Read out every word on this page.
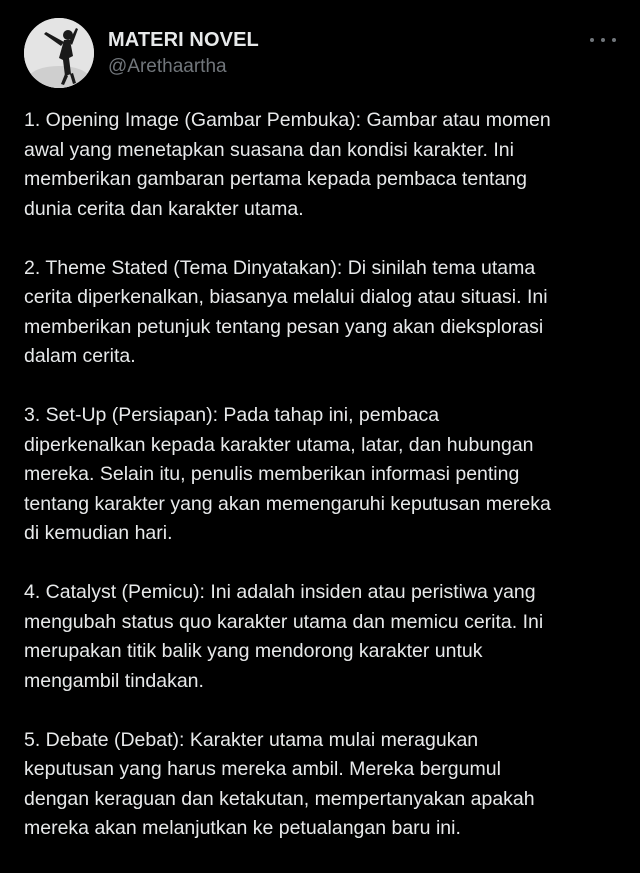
MATERI NOVEL
@Arethaartha

1. Opening Image (Gambar Pembuka): Gambar atau momen
awal yang menetapkan suasana dan kondisi karakter. Ini
memberikan gambaran pertama kepada pembaca tentang
dunia cerita dan karakter utama.

2. Theme Stated (Tema Dinyatakan): Di sinilah tema utama
cerita diperkenalkan, biasanya melalui dialog atau situasi. Ini
memberikan petunjuk tentang pesan yang akan dieksplorasi
dalam cerita.

3. Set-Up (Persiapan): Pada tahap ini, pembaca
diperkenalkan kepada karakter utama, latar, dan hubungan
mereka. Selain itu, penulis memberikan informasi penting
tentang karakter yang akan memengaruhi keputusan mereka
di kemudian hari.

4. Catalyst (Pemicu): Ini adalah insiden atau peristiwa yang
mengubah status quo karakter utama dan memicu cerita. Ini
merupakan titik balik yang mendorong karakter untuk
mengambil tindakan.

5. Debate (Debat): Karakter utama mulai meragukan
keputusan yang harus mereka ambil. Mereka bergumul
dengan keraguan dan ketakutan, mempertanyakan apakah
mereka akan melanjutkan ke petualangan baru ini.
